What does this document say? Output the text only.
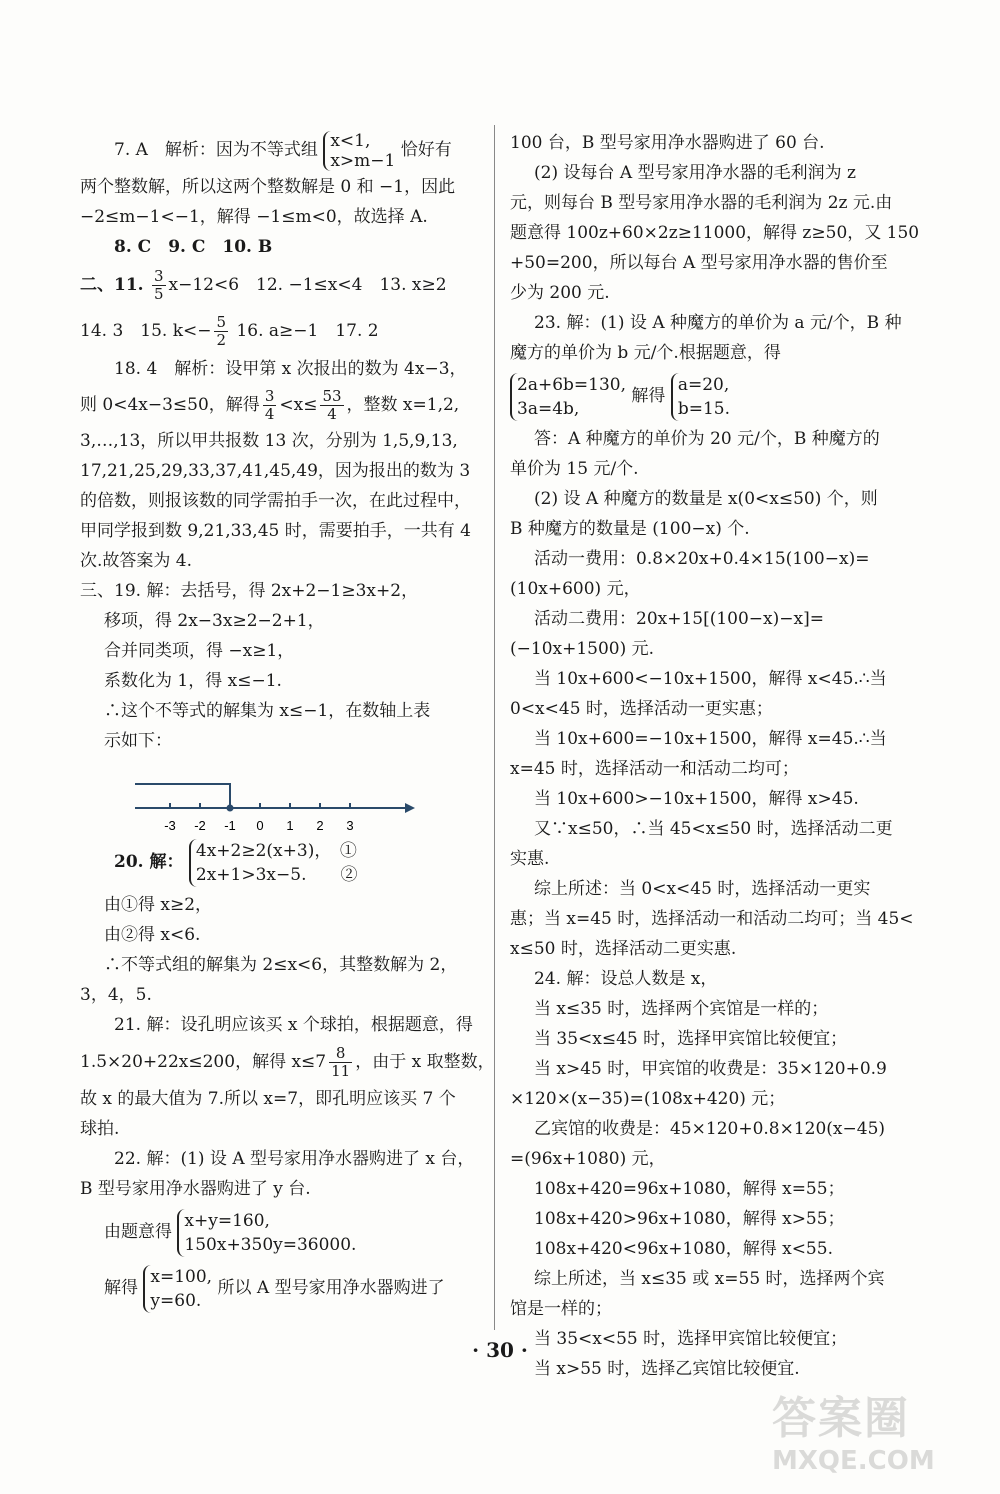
7. A　解析：因为不等式组 x<1,
x>m−1
恰好有
两个整数解，所以这两个整数解是 0 和 −1，因此
−2≤m−1<−1，解得 −1≤m<0，故选择 A.
8. C　9. C　10. B
二、11. $\frac{3}{5} x-12<6$　12. −1≤x<4　13. x≥2
14. 3　15. $k<- \frac{5}{2} 16$. a≥−1　17. 2
18. 4　解析：设甲第 x 次报出的数为 4x−3，
则 0<4x−3≤50，解得 $\frac{3}{4} <x\le \frac{53}{4}$ ，整数 x=1,2,
3,…,13，所以甲共报数 13 次，分别为 1,5,9,13,
17,21,25,29,33,37,41,45,49，因为报出的数为 3
的倍数，则报该数的同学需拍手一次，在此过程中，
甲同学报到数 9,21,33,45 时，需要拍手，一共有 4
次.故答案为 4.
三、19. 解：去括号，得 2x+2−1≥3x+2，
移项，得 2x−3x≥2−2+1，
合并同类项，得 −x≥1，
系数化为 1，得 x≤−1.
∴这个不等式的解集为 x≤−1，在数轴上表
示如下：
20. 解：
4x+2≥2(x+3)，　①
2x+1>3x−5.　　②
由①得 x≥2，
由②得 x<6.
∴不等式组的解集为 2≤x<6，其整数解为 2，
3，4，5.
21. 解：设孔明应该买 x 个球拍，根据题意，得
1.5×20+22x≤200，解得 $x\le 7 \frac{8}{11}$ ，由于 x 取整数，
故 x 的最大值为 7.所以 x=7，即孔明应该买 7 个
球拍.
22. 解：(1) 设 A 型号家用净水器购进了 x 台，
B 型号家用净水器购进了 y 台.
由题意得
x+y=160,
150x+350y=36000.
解得
x=100,
y=60.
所以 A 型号家用净水器购进了
-3 -2 -1 0 1 2 3
100 台，B 型号家用净水器购进了 60 台.
(2) 设每台 A 型号家用净水器的毛利润为 z
元，则每台 B 型号家用净水器的毛利润为 2z 元.由
题意得 100z+60×2z≥11000，解得 z≥50，又 150
+50=200，所以每台 A 型号家用净水器的售价至
少为 200 元.
23. 解：(1) 设 A 种魔方的单价为 a 元/个，B 种
魔方的单价为 b 元/个.根据题意，得
2a+6b=130,
3a=4b,
解得
a=20,
b=15.
答：A 种魔方的单价为 20 元/个，B 种魔方的
单价为 15 元/个.
(2) 设 A 种魔方的数量是 x(0<x≤50) 个，则
B 种魔方的数量是 (100−x) 个.
活动一费用：0.8×20x+0.4×15(100−x)=
(10x+600) 元，
活动二费用：20x+15[(100−x)−x]=
(−10x+1500) 元.
当 10x+600<−10x+1500，解得 x<45.∴当
0<x<45 时，选择活动一更实惠；
当 10x+600=−10x+1500，解得 x=45.∴当
x=45 时，选择活动一和活动二均可；
当 10x+600>−10x+1500，解得 x>45.
又∵x≤50，∴当 45<x≤50 时，选择活动二更
实惠.
综上所述：当 0<x<45 时，选择活动一更实
惠；当 x=45 时，选择活动一和活动二均可；当 45<
x≤50 时，选择活动二更实惠.
24. 解：设总人数是 x，
当 x≤35 时，选择两个宾馆是一样的；
当 35<x≤45 时，选择甲宾馆比较便宜；
当 x>45 时，甲宾馆的收费是：35×120+0.9
×120×(x−35)=(108x+420) 元；
乙宾馆的收费是：45×120+0.8×120(x−45)
=(96x+1080) 元，
108x+420=96x+1080，解得 x=55；
108x+420>96x+1080，解得 x>55；
108x+420<96x+1080，解得 x<55.
综上所述，当 x≤35 或 x=55 时，选择两个宾
馆是一样的；
当 35<x<55 时，选择甲宾馆比较便宜；
当 x>55 时，选择乙宾馆比较便宜.
· 30 ·
答案圈
MXQE.COM
